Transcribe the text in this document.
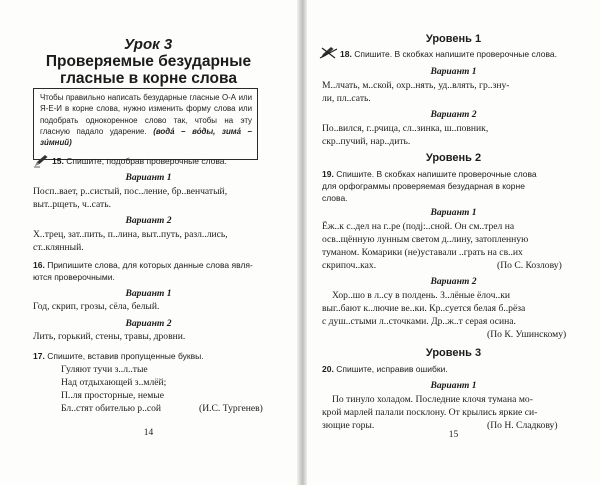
Урок 3
Проверяемые безударные
гласные в корне слова

Чтобы правильно написать безударные гласные О-А или Я-Е-И в корне слова, нужно изменить форму слова или подобрать однокоренное слово так, чтобы на эту гласную падало ударение. (вода́ – во́ды, зима́ – зи́мний)

15. Спишите, подобрав проверочные слова.
Вариант 1
Посп..вает, р..систый, пос..ление, бр..венчатый,
выт..рщеть, ч..сать.
Вариант 2
Х..трец, зат..пить, п..лина, выт..путь, разл..лись,
ст..клянный.
16. Припишите слова, для которых данные слова явля-
ются проверочными.
Вариант 1
Год, скрип, грозы, сёла, белый.
Вариант 2
Лить, горький, стены, травы, дровни.
17. Спишите, вставив пропущенные буквы.
Гуляют тучи з..л..тые
Над отдыхающей з..млёй;
П..ля просторные, немые
Бл..стят обителью р..сой	(И.С. Тургенев)
14
Уровень 1
18. Спишите. В скобках напишите проверочные слова.
Вариант 1
М..лчать, м..ской, охр..нять, уд..влять, гр..зну-
ли, пл..сать.
Вариант 2
По..вился, г..рчица, сл..зинка, ш..повник,
скр..пучий, нар..дить.
Уровень 2
19. Спишите. В скобках напишите проверочные слова
для орфограммы проверяемая безударная в корне
слова.
Вариант 1
Ёж..к с..дел на г..ре (подј:..сной. Он см..трел на
осв..щённую лунным светом д..лину, затопленную
туманом. Комарики (не)уставали ..грать на св..их
скрипоч..ках.	(По С. Козлову)
Вариант 2
Хор..шо в л..су в полдень. З..лёные ёлоч..ки
выг..бают к..лючие ве..ки. Кр..суется белая б..рёза
с душ..стыми л..сточками. Др..ж..т серая осина.
(По К. Ушинскому)
Уровень 3
20. Спишите, исправив ошибки.
Вариант 1
По тинуло холадом. Последние клочя тумана мо-
крой марлей палали посклону. От крылись яркие си-
зющие горы.	(По Н. Сладкову)
15
